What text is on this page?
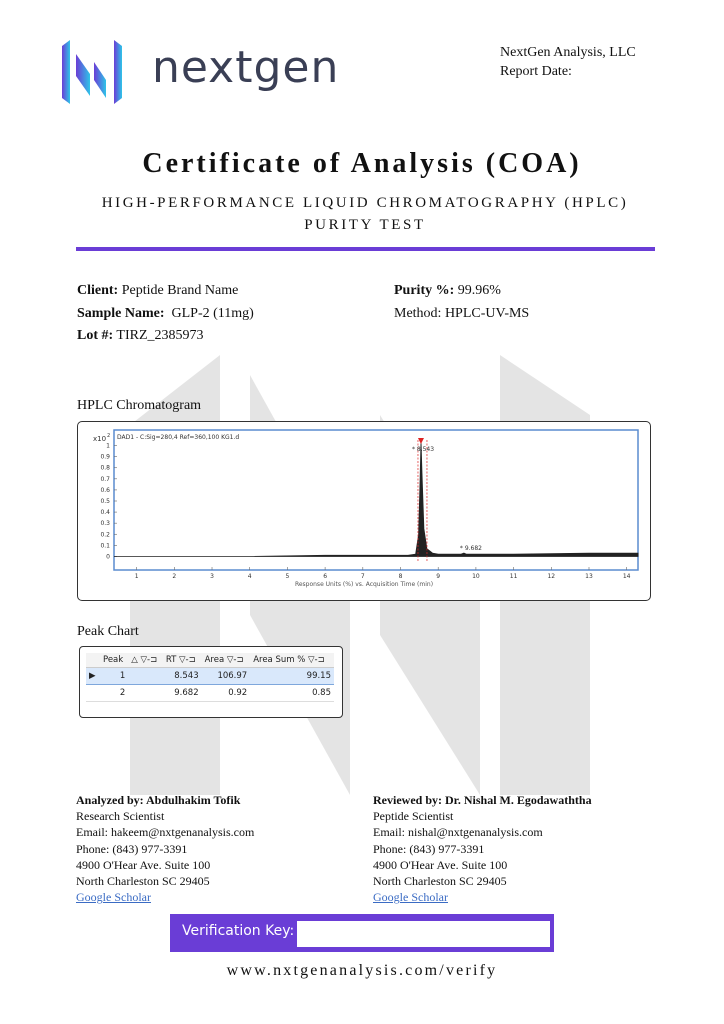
nextgen	NextGen Analysis, LLC
Report Date:
Certificate of Analysis (COA)
HIGH-PERFORMANCE LIQUID CHROMATOGRAPHY (HPLC)
PURITY TEST
Client: Peptide Brand Name
Sample Name: GLP-2 (11mg)
Lot #: TIRZ_2385973
Purity %: 99.96%
Method: HPLC-UV-MS
HPLC Chromatogram
x10 2 DAD1 - C:Sig=280,4 Ref=360,100 KG1.d
Response Units (%) vs. Acquisition Time (min)
1
0.9
0.8
0.7
0.6
0.5
0.4
0.3
0.2
0.1
0
1	2	3	4	5	6	7	8	9	10	11	12	13	14
* 8.543
* 9.682
Peak Chart
	Peak	△ ▽-⊐	RT ▽-⊐	Area ▽-⊐	Area Sum % ▽-⊐
▶	1		8.543	106.97	99.15
	2		9.682	0.92	0.85
Analyzed by: Abdulhakim Tofik
Research Scientist
Email: hakeem@nxtgenanalysis.com
Phone: (843) 977-3391
4900 O'Hear Ave. Suite 100
North Charleston SC 29405
Google Scholar
Reviewed by: Dr. Nishal M. Egodawaththa
Peptide Scientist
Email: nishal@nxtgenanalysis.com
Phone: (843) 977-3391
4900 O'Hear Ave. Suite 100
North Charleston SC 29405
Google Scholar
Verification Key:
www.nxtgenanalysis.com/verify
